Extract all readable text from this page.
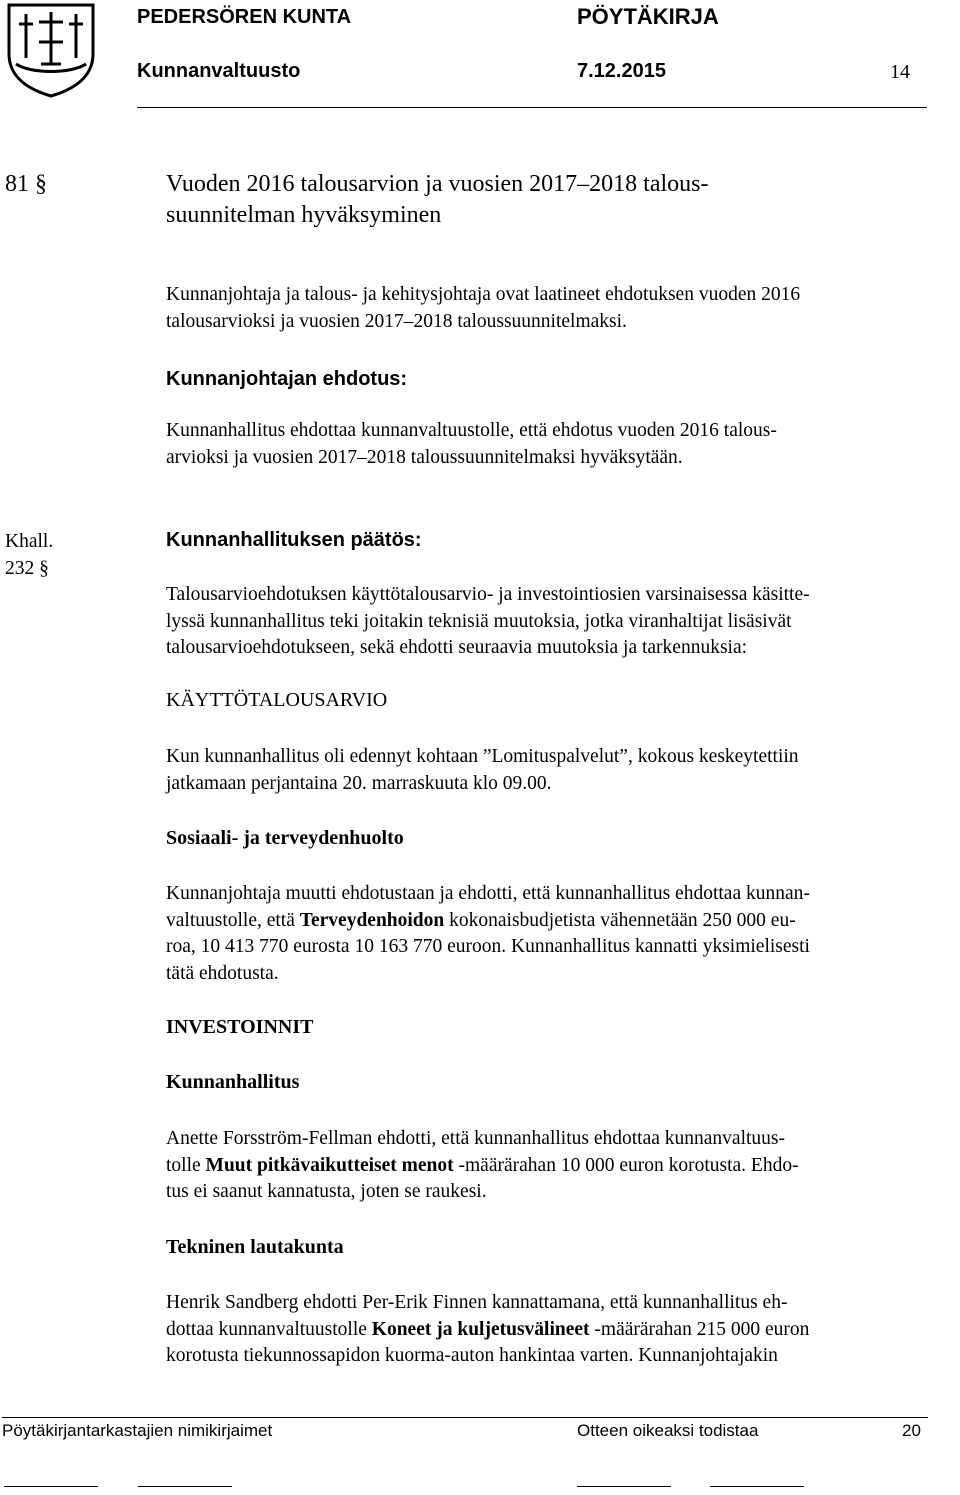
PEDERSÖREN KUNTA	PÖYTÄKIRJA
Kunnanvaltuusto	7.12.2015	14
81 §	Vuoden 2016 talousarvion ja vuosien 2017–2018 talous-
suunnitelman hyväksyminen
Kunnanjohtaja ja talous- ja kehitysjohtaja ovat laatineet ehdotuksen vuoden 2016
talousarvioksi ja vuosien 2017–2018 taloussuunnitelmaksi.
Kunnanjohtajan ehdotus:
Kunnanhallitus ehdottaa kunnanvaltuustolle, että ehdotus vuoden 2016 talous-
arvioksi ja vuosien 2017–2018 taloussuunnitelmaksi hyväksytään.
Khall.
232 §
Kunnanhallituksen päätös:
Talousarvioehdotuksen käyttötalousarvio- ja investointiosien varsinaisessa käsitte-
lyssä kunnanhallitus teki joitakin teknisiä muutoksia, jotka viranhaltijat lisäsivät
talousarvioehdotukseen, sekä ehdotti seuraavia muutoksia ja tarkennuksia:
KÄYTTÖTALOUSARVIO
Kun kunnanhallitus oli edennyt kohtaan ”Lomituspalvelut”, kokous keskeytettiin
jatkamaan perjantaina 20. marraskuuta klo 09.00.
Sosiaali- ja terveydenhuolto
Kunnanjohtaja muutti ehdotustaan ja ehdotti, että kunnanhallitus ehdottaa kunnan-
valtuustolle, että Terveydenhoidon kokonaisbudjetista vähennetään 250 000 eu-
roa, 10 413 770 eurosta 10 163 770 euroon. Kunnanhallitus kannatti yksimielisesti
tätä ehdotusta.
INVESTOINNIT
Kunnanhallitus
Anette Forsström-Fellman ehdotti, että kunnanhallitus ehdottaa kunnanvaltuus-
tolle Muut pitkävaikutteiset menot -määrärahan 10 000 euron korotusta. Ehdo-
tus ei saanut kannatusta, joten se raukesi.
Tekninen lautakunta
Henrik Sandberg ehdotti Per-Erik Finnen kannattamana, että kunnanhallitus eh-
dottaa kunnanvaltuustolle Koneet ja kuljetusvälineet -määrärahan 215 000 euron
korotusta tiekunnossapidon kuorma-auton hankintaa varten. Kunnanjohtajakin
Pöytäkirjantarkastajien nimikirjaimet	Otteen oikeaksi todistaa	20
